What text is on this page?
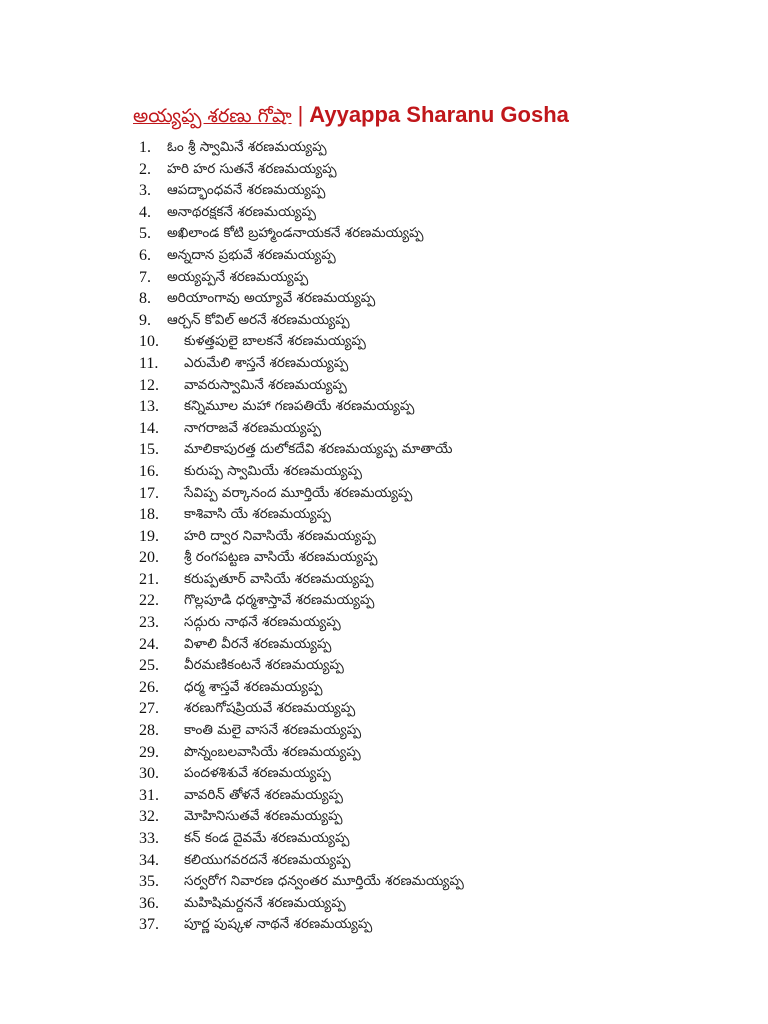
అయ్యప్ప శరణు గోషా | Ayyappa Sharanu Gosha
1. ఓం శ్రీ స్వామినే శరణమయ్యప్ప
2. హరి హర సుతనే శరణమయ్యప్ప
3. ఆపద్భాంధవనే శరణమయ్యప్ప
4. అనాథరక్షకనే శరణమయ్యప్ప
5. అఖిలాండ కోటి బ్రహ్మాండనాయకనే శరణమయ్యప్ప
6. అన్నదాన ప్రభువే శరణమయ్యప్ప
7. అయ్యప్పనే శరణమయ్యప్ప
8. అరియాంగావు అయ్యావే శరణమయ్యప్ప
9. ఆర్చన్ కోవిల్ అరనే శరణమయ్యప్ప
10. కుళత్తపులై బాలకనే శరణమయ్యప్ప
11. ఎరుమేలి శాస్తనే శరణమయ్యప్ప
12. వావరుస్వామినే శరణమయ్యప్ప
13. కన్నిమూల మహా గణపతియే శరణమయ్యప్ప
14. నాగరాజవే శరణమయ్యప్ప
15. మాలికాపురత్త దులోకదేవి శరణమయ్యప్ప మాతాయే
16. కురుప్ప స్వామియే శరణమయ్యప్ప
17. సేవిప్ప వర్కానంద మూర్తియే శరణమయ్యప్ప
18. కాశివాసి యే శరణమయ్యప్ప
19. హరి ద్వార నివాసియే శరణమయ్యప్ప
20. శ్రీ రంగపట్టణ వాసియే శరణమయ్యప్ప
21. కరుప్పతూర్ వాసియే శరణమయ్యప్ప
22. గొల్లపూడి ధర్మశాస్తావే శరణమయ్యప్ప
23. సద్గురు నాథనే శరణమయ్యప్ప
24. విళాలి వీరనే శరణమయ్యప్ప
25. వీరమణికంటనే శరణమయ్యప్ప
26. ధర్మ శాస్తవే శరణమయ్యప్ప
27. శరణుగోషప్రియవే శరణమయ్యప్ప
28. కాంతి మలై వాసనే శరణమయ్యప్ప
29. పొన్నంబలవాసియే శరణమయ్యప్ప
30. పందళశిశువే శరణమయ్యప్ప
31. వావరిన్ తోళనే శరణమయ్యప్ప
32. మోహినిసుతవే శరణమయ్యప్ప
33. కన్ కండ దైవమే శరణమయ్యప్ప
34. కలియుగవరదనే శరణమయ్యప్ప
35. సర్వరోగ నివారణ ధన్వంతర మూర్తియే శరణమయ్యప్ప
36. మహిషిమర్దననే శరణమయ్యప్ప
37. పూర్ణ పుష్కళ నాథనే శరణమయ్యప్ప
